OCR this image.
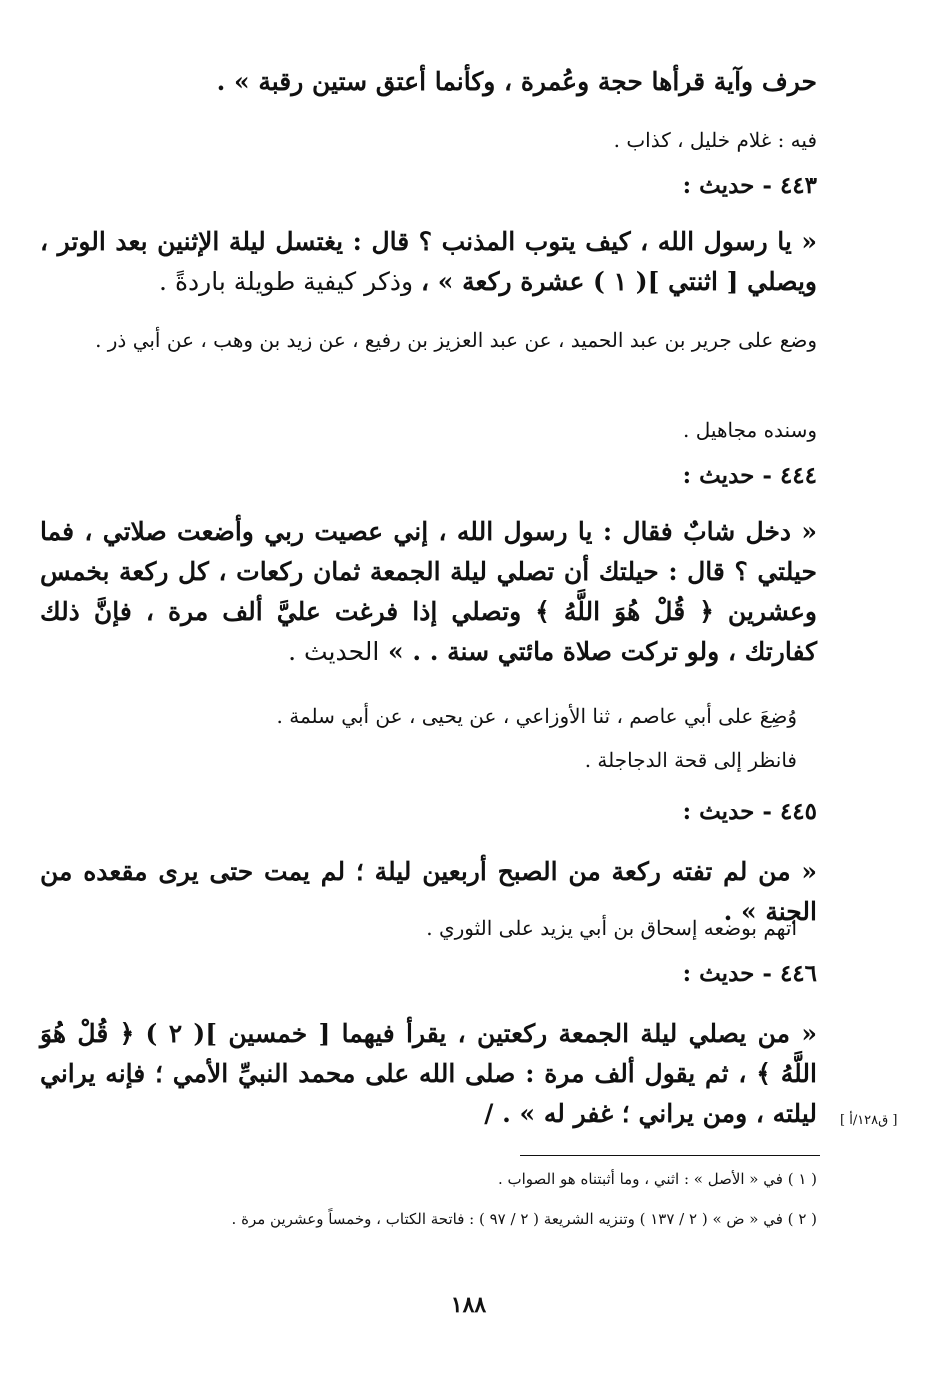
حرف وآية قرأها حجة وعُمرة ، وكأنما أعتق ستين رقبة » .

فيه : غلام خليل ، كذاب .

٤٤٣ - حديث :

« يا رسول الله ، كيف يتوب المذنب ؟ قال : يغتسل ليلة الإثنين بعد الوتر ، ويصلي [ اثنتي ]( ١ ) عشرة ركعة » ، وذكر كيفية طويلة باردةً .

وضع على جرير بن عبد الحميد ، عن عبد العزيز بن رفيع ، عن زيد بن وهب ، عن أبي ذر .

وسنده مجاهيل .

٤٤٤ - حديث :

« دخل شابٌ فقال : يا رسول الله ، إني عصيت ربي وأضعت صلاتي ، فما حيلتي ؟ قال : حيلتك أن تصلي ليلة الجمعة ثمان ركعات ، كل ركعة بخمس وعشرين ﴿ قُلْ هُوَ اللَّهُ ﴾ وتصلي إذا فرغت عليَّ ألف مرة ، فإنَّ ذلك كفارتك ، ولو تركت صلاة مائتي سنة . . » الحديث .

وُضِعَ على أبي عاصم ، ثنا الأوزاعي ، عن يحيى ، عن أبي سلمة .

فانظر إلى قحة الدجاجلة .

٤٤٥ - حديث :

« من لم تفته ركعة من الصبح أربعين ليلة ؛ لم يمت حتى يرى مقعده من الجنة » .

اتهم بوضعه إسحاق بن أبي يزيد على الثوري .

٤٤٦ - حديث :

« من يصلي ليلة الجمعة ركعتين ، يقرأ فيهما [ خمسين ]( ٢ ) ﴿ قُلْ هُوَ اللَّهُ ﴾ ، ثم يقول ألف مرة : صلى الله على محمد النبيِّ الأمي ؛ فإنه يراني ليلته ، ومن يراني ؛ غفر له » . / [ ق١٢٨/أ ]

( ١ ) في « الأصل » : اثني ، وما أثبتناه هو الصواب .

( ٢ ) في « ض » ( ٢ / ١٣٧ ) وتنزيه الشريعة ( ٢ / ٩٧ ) : فاتحة الكتاب ، وخمساً وعشرين مرة .

١٨٨
